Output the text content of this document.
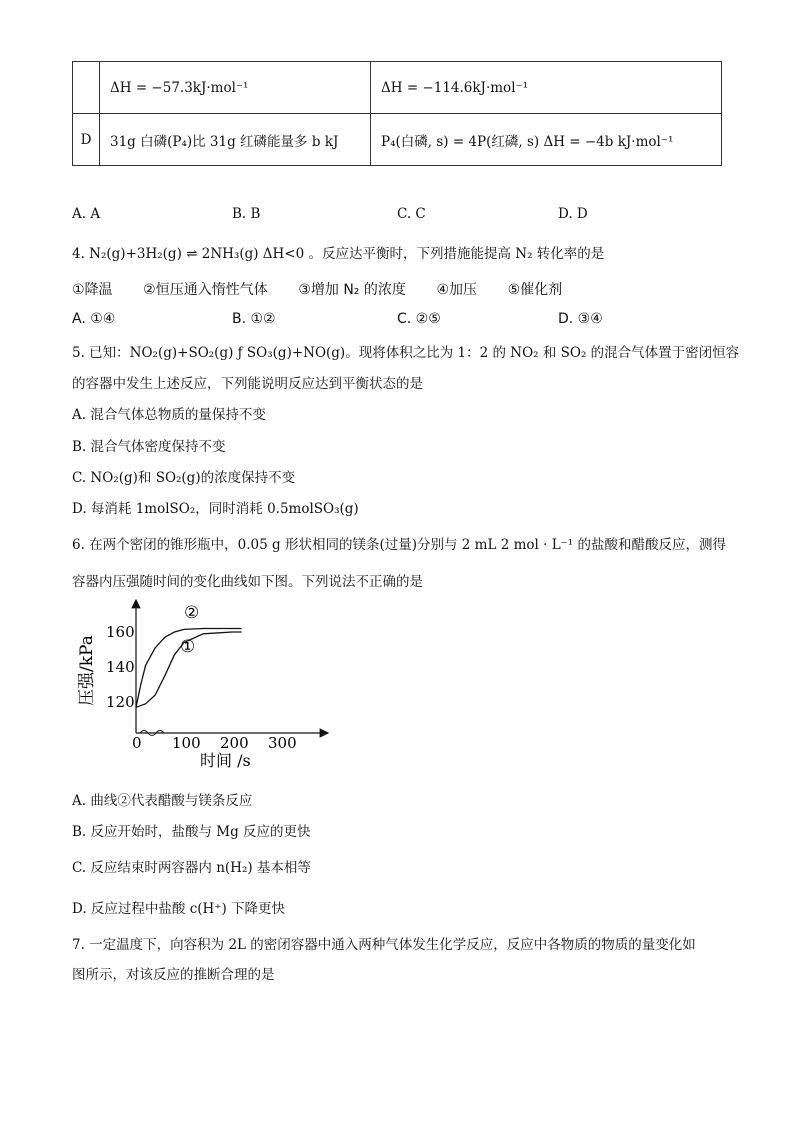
	ΔH = −57.3kJ·mol⁻¹	ΔH = −114.6kJ·mol⁻¹
D	31g 白磷(P₄)比 31g 红磷能量多 b kJ	P₄(白磷, s) = 4P(红磷, s) ΔH = −4b kJ·mol⁻¹
A. A	B. B	C. C	D. D
4. N₂(g)+3H₂(g) ⇌ 2NH₃(g) ΔH<0 。反应达平衡时，下列措施能提高 N₂ 转化率的是
①降温 ②恒压通入惰性气体 ③增加 N₂ 的浓度 ④加压 ⑤催化剂
A. ①④	B. ①②	C. ②⑤	D. ③④
5. 已知：NO₂(g)+SO₂(g) ƒ SO₃(g)+NO(g)。现将体积之比为 1：2 的 NO₂ 和 SO₂ 的混合气体置于密闭恒容
的容器中发生上述反应，下列能说明反应达到平衡状态的是
A. 混合气体总物质的量保持不变
B. 混合气体密度保持不变
C. NO₂(g)和 SO₂(g)的浓度保持不变
D. 每消耗 1molSO₂，同时消耗 0.5molSO₃(g)
6. 在两个密闭的锥形瓶中，0.05 g 形状相同的镁条(过量)分别与 2 mL 2 mol · L⁻¹ 的盐酸和醋酸反应，测得
容器内压强随时间的变化曲线如下图。下列说法不正确的是
压强/kPa
时间 /s
120
140
160
0 100 200 300
②
①
A. 曲线②代表醋酸与镁条反应
B. 反应开始时，盐酸与 Mg 反应的更快
C. 反应结束时两容器内 n(H₂) 基本相等
D. 反应过程中盐酸 c(H⁺) 下降更快
7. 一定温度下，向容积为 2L 的密闭容器中通入两种气体发生化学反应，反应中各物质的物质的量变化如
图所示，对该反应的推断合理的是
